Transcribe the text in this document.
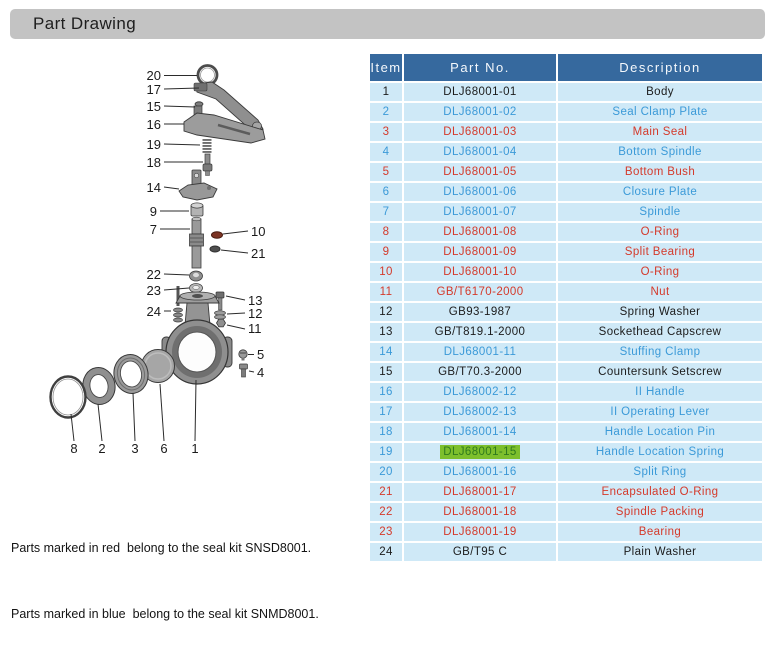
Part Drawing
20
17
15
16
19
18
14
9
7	10
21
22
23
24
13
12
11
5
4
8 2 3 6 1
Item	Part No.	Description
1	DLJ68001-01	Body
2	DLJ68001-02	Seal Clamp Plate
3	DLJ68001-03	Main Seal
4	DLJ68001-04	Bottom Spindle
5	DLJ68001-05	Bottom Bush
6	DLJ68001-06	Closure Plate
7	DLJ68001-07	Spindle
8	DLJ68001-08	O-Ring
9	DLJ68001-09	Split Bearing
10	DLJ68001-10	O-Ring
11	GB/T6170-2000	Nut
12	GB93-1987	Spring Washer
13	GB/T819.1-2000	Sockethead Capscrew
14	DLJ68001-11	Stuffing Clamp
15	GB/T70.3-2000	Countersunk Setscrew
16	DLJ68002-12	II Handle
17	DLJ68002-13	II Operating Lever
18	DLJ68001-14	Handle Location Pin
19	DLJ68001-15	Handle Location Spring
20	DLJ68001-16	Split Ring
21	DLJ68001-17	Encapsulated O-Ring
22	DLJ68001-18	Spindle Packing
23	DLJ68001-19	Bearing
24	GB/T95 C	Plain Washer

Parts marked in red  belong to the seal kit SNSD8001.

Parts marked in blue  belong to the seal kit SNMD8001.
